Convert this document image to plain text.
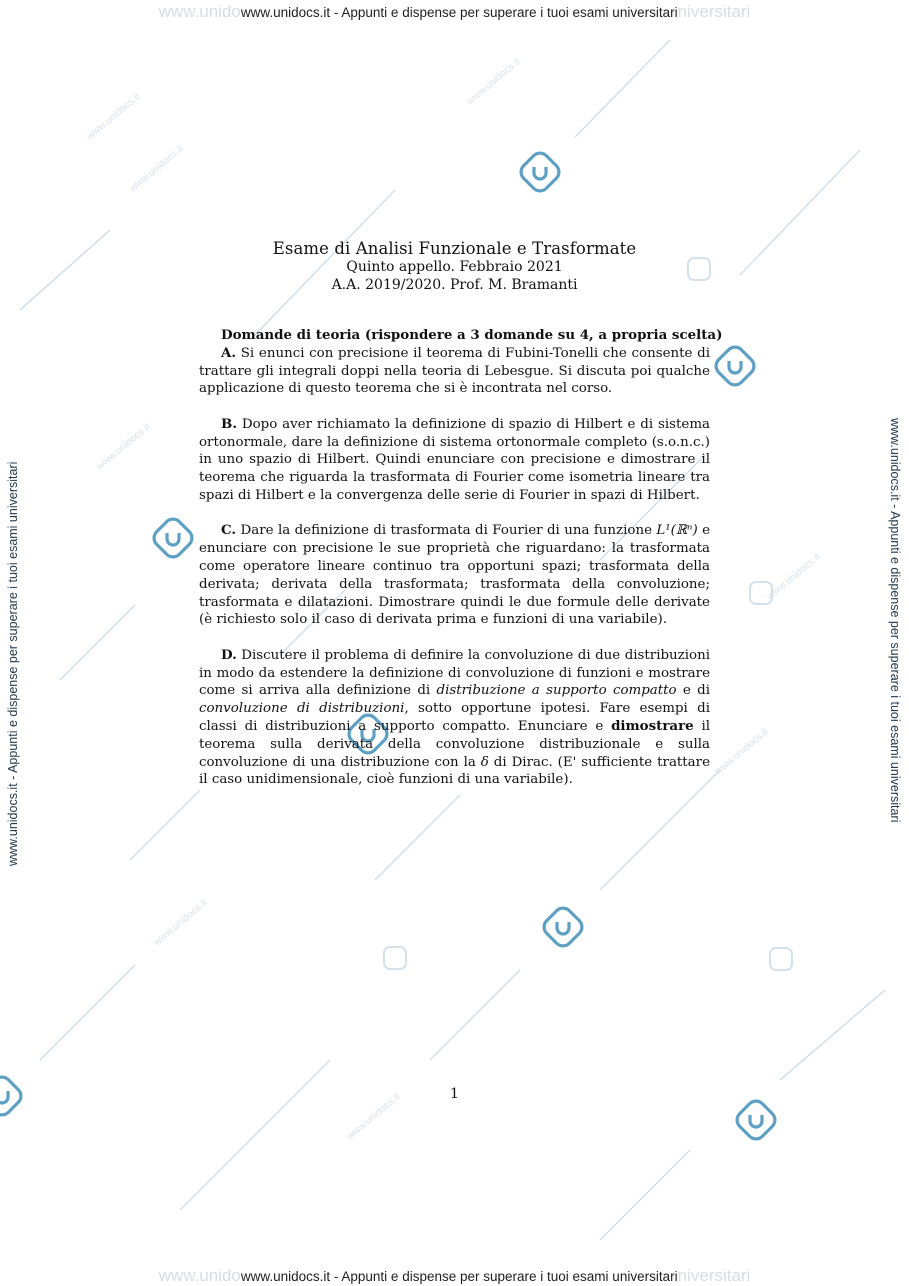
www.unidocs.it
www.unidocs.it
www.unidocs.it
www.unidocs.it
www.unidocs.it
www.unidocs.it
www.unidocs.it
www.unidocs.it
www.unidowww.unidocs.it - Appunti e dispense per superare i tuoi esami universitariniversitari
www.unidocs.it - Appunti e dispense per superare i tuoi esami universitari	www.unidocs.it - Appunti e dispense per superare i tuoi esami universitari
Esame di Analisi Funzionale e Trasformate
Quinto appello. Febbraio 2021
A.A. 2019/2020. Prof. M. Bramanti
Domande di teoria (rispondere a 3 domande su 4, a propria scelta)

A. Si enunci con precisione il teorema di Fubini-Tonelli che consente di trattare gli integrali doppi nella teoria di Lebesgue. Si discuta poi qualche applicazione di questo teorema che si è incontrata nel corso.

B. Dopo aver richiamato la definizione di spazio di Hilbert e di sistema ortonormale, dare la definizione di sistema ortonormale completo (s.o.n.c.) in uno spazio di Hilbert. Quindi enunciare con precisione e dimostrare il teorema che riguarda la trasformata di Fourier come isometria lineare tra spazi di Hilbert e la convergenza delle serie di Fourier in spazi di Hilbert.

C. Dare la definizione di trasformata di Fourier di una funzione L¹(ℝⁿ) e enunciare con precisione le sue proprietà che riguardano: la trasformata come operatore lineare continuo tra opportuni spazi; trasformata della derivata; derivata della trasformata; trasformata della convoluzione; trasformata e dilatazioni. Dimostrare quindi le due formule delle derivate (è richiesto solo il caso di derivata prima e funzioni di una variabile).

D. Discutere il problema di definire la convoluzione di due distribuzioni in modo da estendere la definizione di convoluzione di funzioni e mostrare come si arriva alla definizione di distribuzione a supporto compatto e di convoluzione di distribuzioni, sotto opportune ipotesi. Fare esempi di classi di distribuzioni a supporto compatto. Enunciare e dimostrare il teorema sulla derivata della convoluzione distribuzionale e sulla convoluzione di una distribuzione con la δ di Dirac. (E' sufficiente trattare il caso unidimensionale, cioè funzioni di una variabile).

1
www.unidowww.unidocs.it - Appunti e dispense per superare i tuoi esami universitariniversitari
